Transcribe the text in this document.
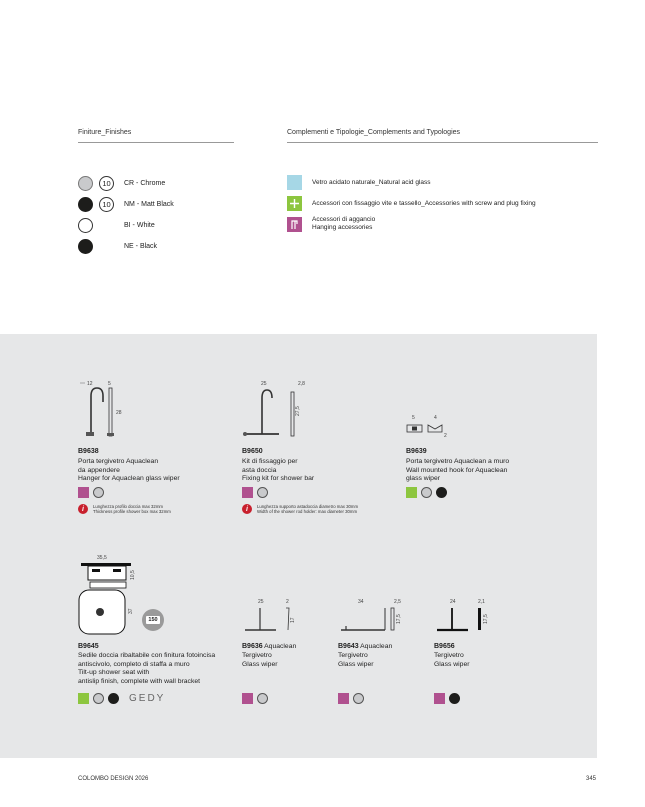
Finiture_Finishes	Complementi e Tipologie_Complements and Typologies
10	CR - Chrome
10	NM - Matt Black
BI - White
NE - Black
Vetro acidato naturale_Natural acid glass
Accessori con fissaggio vite e tassello_Accessories with screw and plug fixing
Accessori di aggancio
Hanging accessories
12	5
28
B9638
Porta tergivetro Aquaclean
da appendere
Hanger for Aquaclean glass wiper
i	Lunghezza profilo doccia max 32mm
Thickness profile shower box max 32mm
25	2,8
27,5
B9650
Kit di fissaggio per
asta doccia
Fixing kit for shower bar
i	Lunghezza supporto astadoccia diametro max 30mm
Width of the shower rod holder: max diameter 30mm
5	4
2
B9639
Porta tergivetro Aquaclean a muro
Wall mounted hook for Aquaclean
glass wiper
35,5
10,5
37
150
B9645
Sedile doccia ribaltabile con finitura fotoincisa
antiscivolo, completo di staffa a muro
Tilt-up shower seat with
antislip finish, complete with wall bracket
GEDY
25	2
17
B9636 Aquaclean
Tergivetro
Glass wiper
34	2,5
17,5
B9643 Aquaclean
Tergivetro
Glass wiper
24	2,1
17,5
B9656
Tergivetro
Glass wiper
COLOMBO DESIGN 2026	345
